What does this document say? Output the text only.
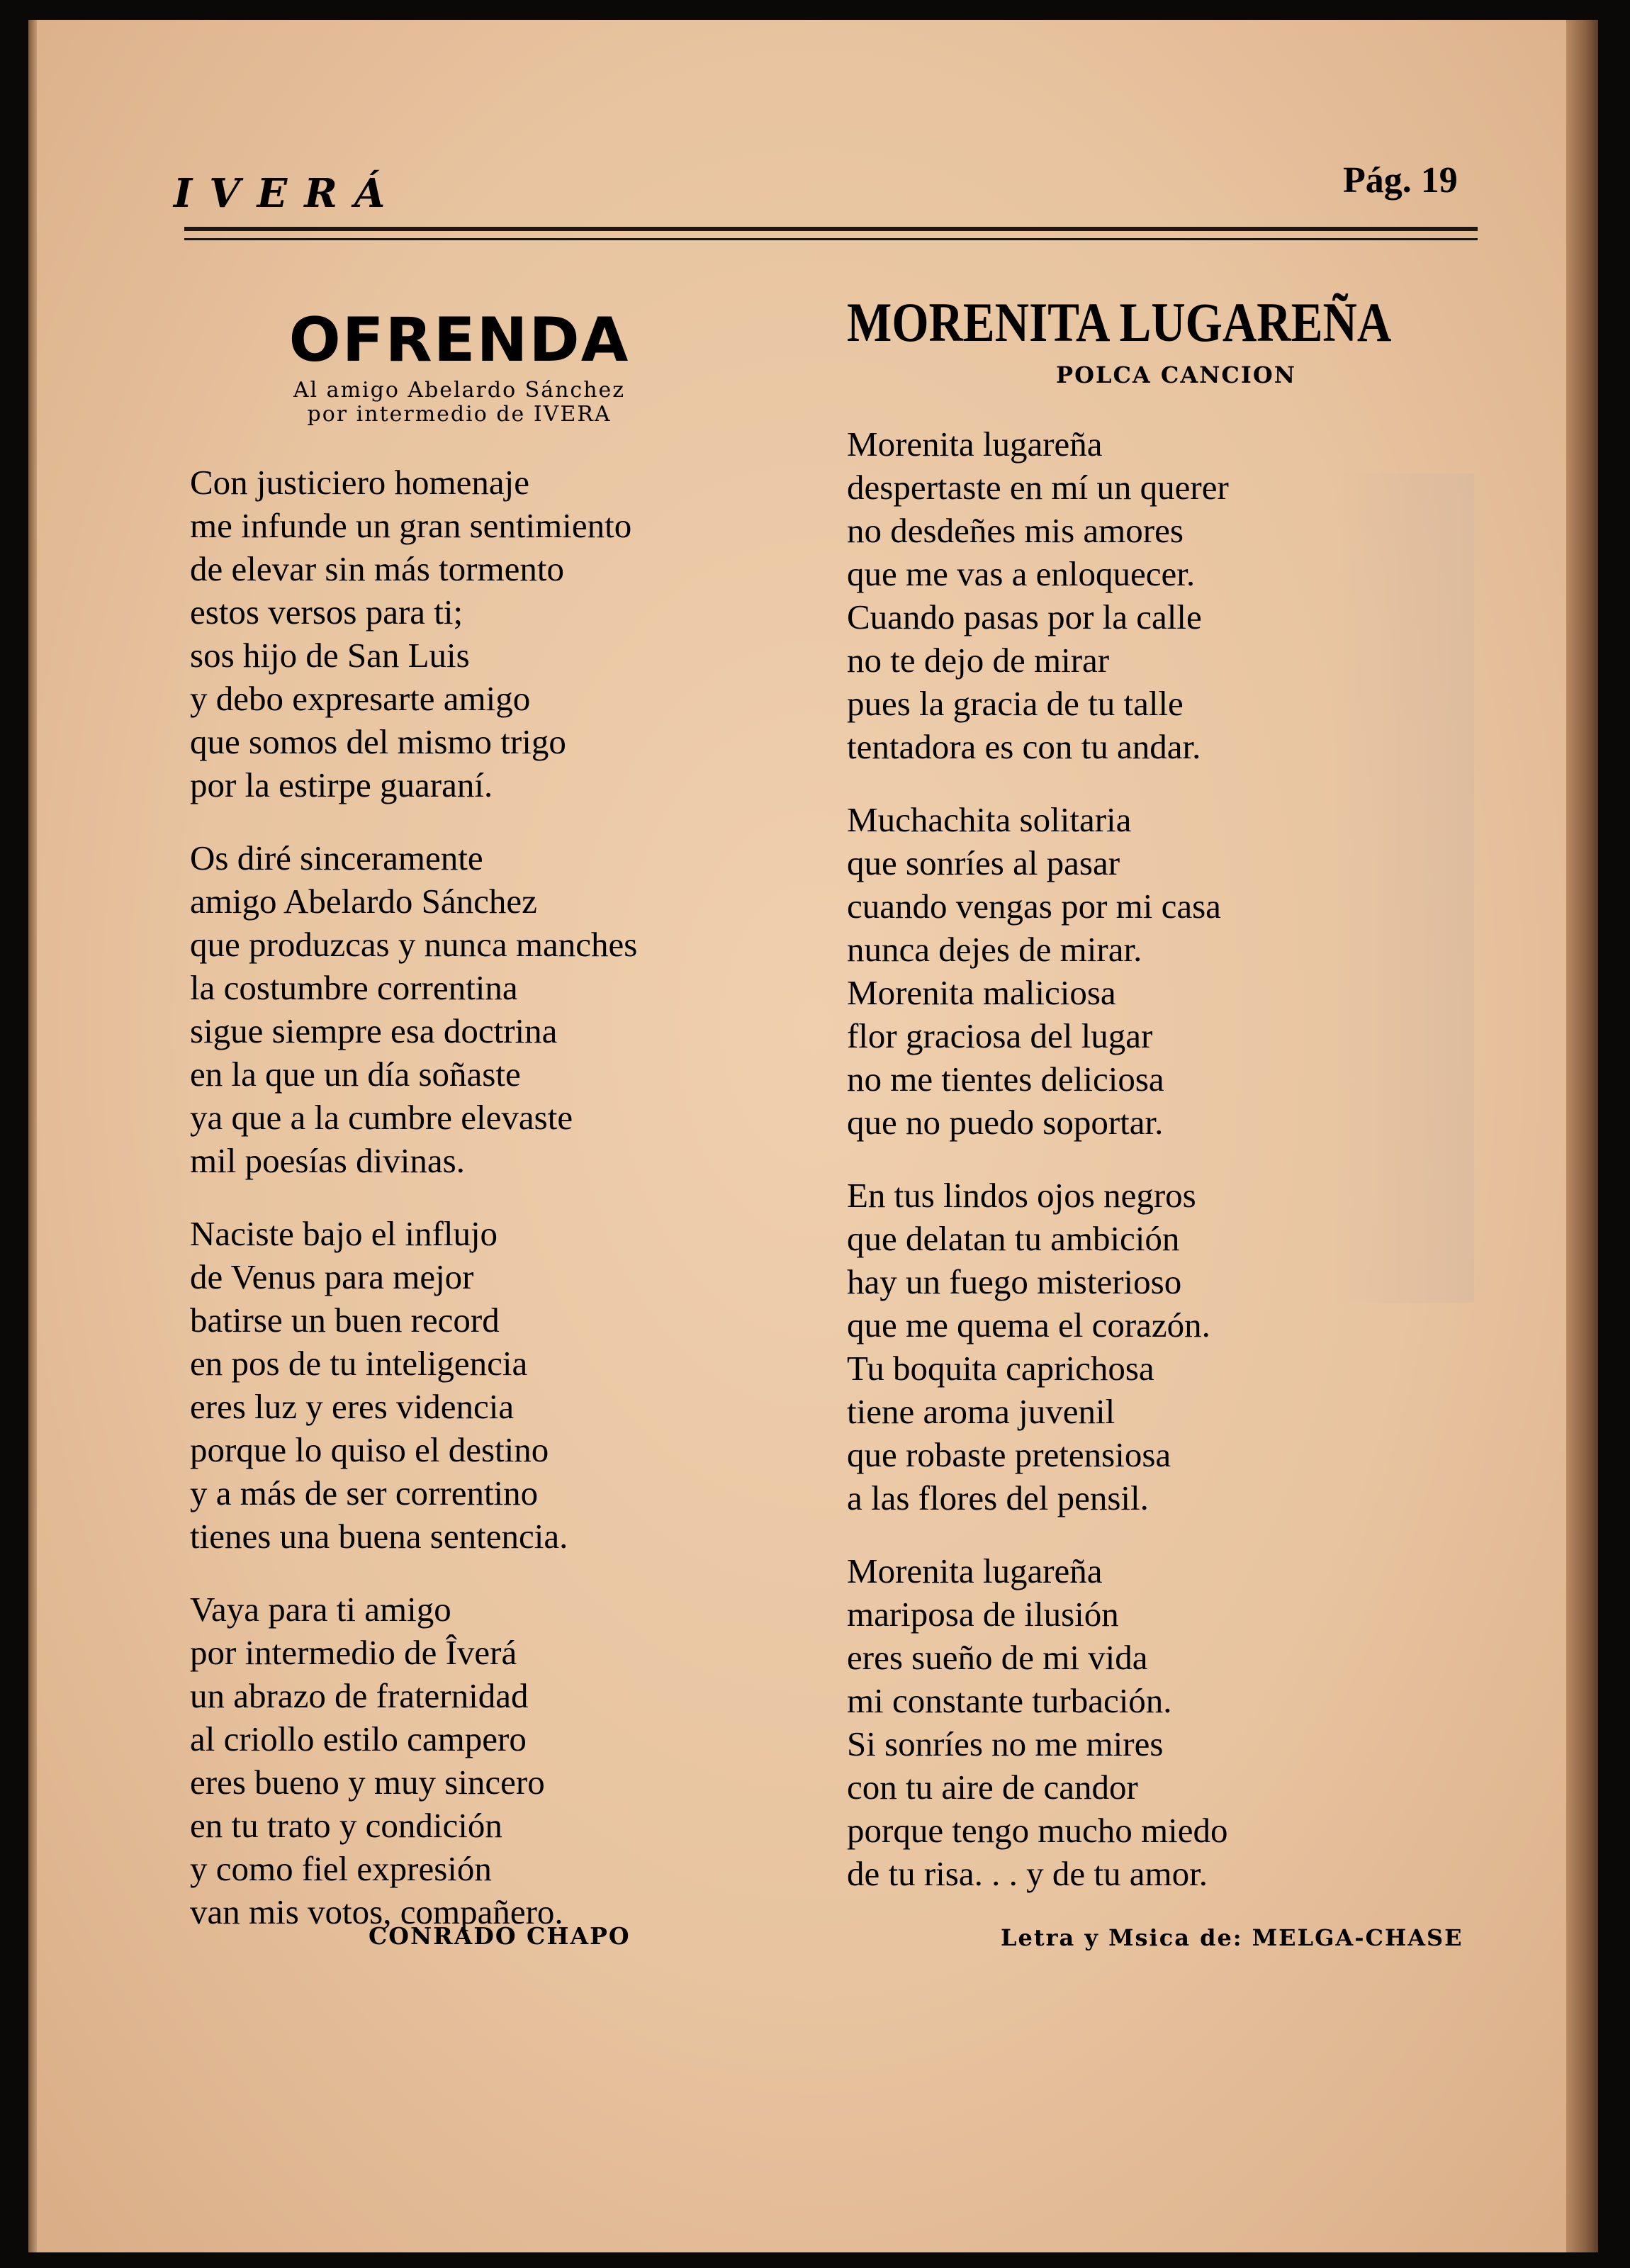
IVERÁ	Pág. 19
OFRENDA
Al amigo Abelardo Sánchez
por intermedio de IVERA
Con justiciero homenaje
me infunde un gran sentimiento
de elevar sin más tormento
estos versos para ti;
sos hijo de San Luis
y debo expresarte amigo
que somos del mismo trigo
por la estirpe guaraní.
Os diré sinceramente
amigo Abelardo Sánchez
que produzcas y nunca manches
la costumbre correntina
sigue siempre esa doctrina
en la que un día soñaste
ya que a la cumbre elevaste
mil poesías divinas.
Naciste bajo el influjo
de Venus para mejor
batirse un buen record
en pos de tu inteligencia
eres luz y eres videncia
porque lo quiso el destino
y a más de ser correntino
tienes una buena sentencia.
Vaya para ti amigo
por intermedio de Îverá
un abrazo de fraternidad
al criollo estilo campero
eres bueno y muy sincero
en tu trato y condición
y como fiel expresión
van mis votos, compañero.
MORENITA LUGAREÑA
POLCA CANCION
Morenita lugareña
despertaste en mí un querer
no desdeñes mis amores
que me vas a enloquecer.
Cuando pasas por la calle
no te dejo de mirar
pues la gracia de tu talle
tentadora es con tu andar.
Muchachita solitaria
que sonríes al pasar
cuando vengas por mi casa
nunca dejes de mirar.
Morenita maliciosa
flor graciosa del lugar
no me tientes deliciosa
que no puedo soportar.
En tus lindos ojos negros
que delatan tu ambición
hay un fuego misterioso
que me quema el corazón.
Tu boquita caprichosa
tiene aroma juvenil
que robaste pretensiosa
a las flores del pensil.
Morenita lugareña
mariposa de ilusión
eres sueño de mi vida
mi constante turbación.
Si sonríes no me mires
con tu aire de candor
porque tengo mucho miedo
de tu risa. . . y de tu amor.
CONRADO CHAPO	Letra y Msica de: MELGA-CHASE
